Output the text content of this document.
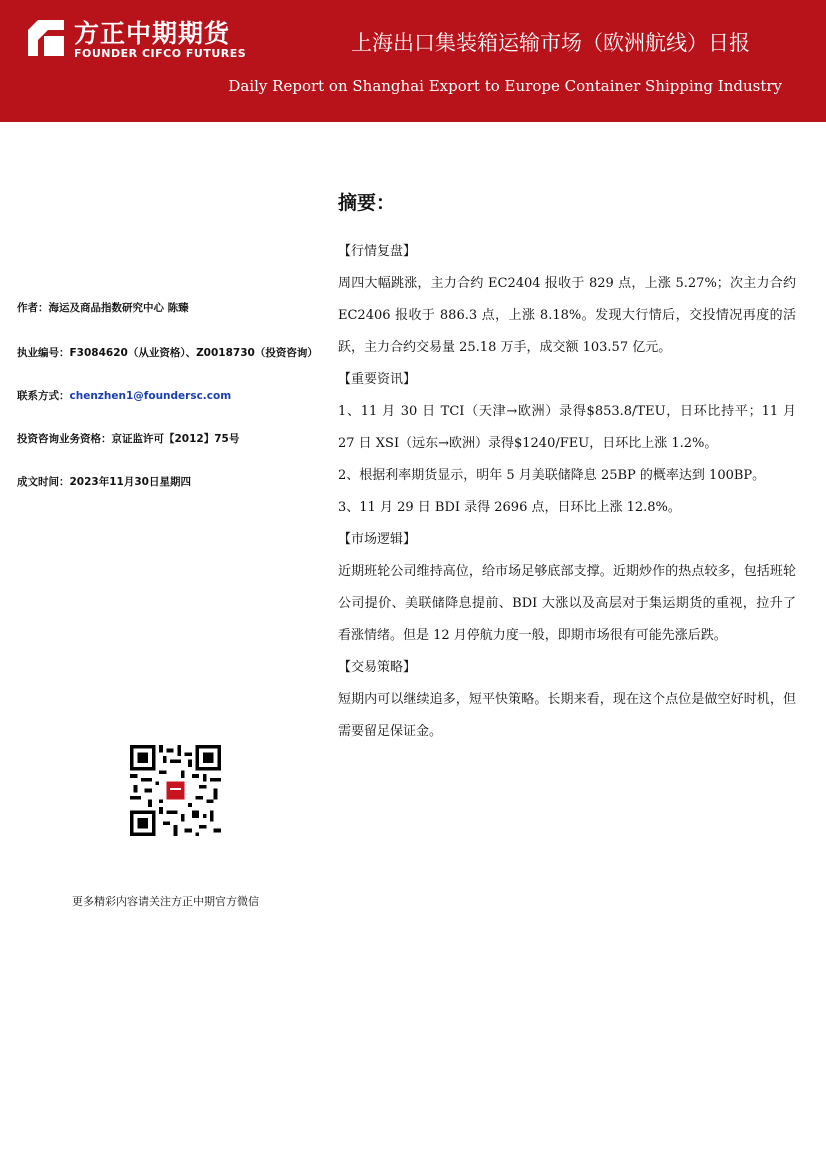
方正中期期货
FOUNDER CIFCO FUTURES	上海出口集装箱运输市场（欧洲航线）日报
Daily Report on Shanghai Export to Europe Container Shipping Industry
作者：海运及商品指数研究中心 陈臻
执业编号：F3084620（从业资格）、Z0018730（投资咨询）
联系方式：chenzhen1@foundersc.com
投资咨询业务资格：京证监许可【2012】75号
成文时间：2023年11月30日星期四
更多精彩内容请关注方正中期官方微信
摘要：

【行情复盘】

周四大幅跳涨，主力合约 EC2404 报收于 829 点，上涨 5.27%；次主力合约 EC2406 报收于 886.3 点，上涨 8.18%。发现大行情后，交投情况再度的活跃，主力合约交易量 25.18 万手，成交额 103.57 亿元。

【重要资讯】

1、11 月 30 日 TCI（天津→欧洲）录得$853.8/TEU，日环比持平；11 月 27 日 XSI（远东→欧洲）录得$1240/FEU，日环比上涨 1.2%。

2、根据利率期货显示，明年 5 月美联储降息 25BP 的概率达到 100BP。

3、11 月 29 日 BDI 录得 2696 点，日环比上涨 12.8%。

【市场逻辑】

近期班轮公司维持高位，给市场足够底部支撑。近期炒作的热点较多，包括班轮公司提价、美联储降息提前、BDI 大涨以及高层对于集运期货的重视，拉升了看涨情绪。但是 12 月停航力度一般，即期市场很有可能先涨后跌。

【交易策略】

短期内可以继续追多，短平快策略。长期来看，现在这个点位是做空好时机，但需要留足保证金。
